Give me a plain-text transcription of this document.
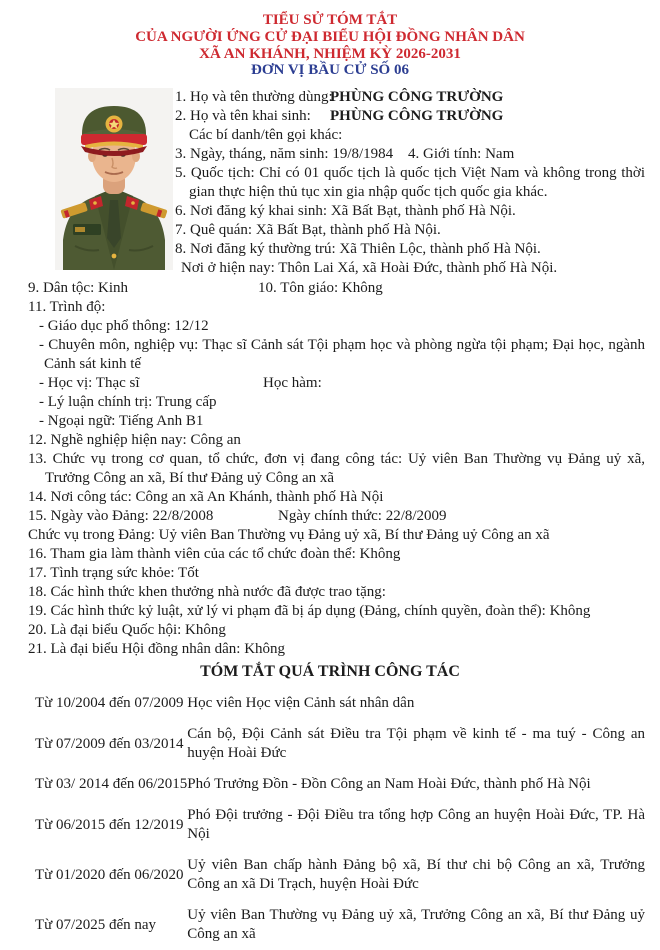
TIỂU SỬ TÓM TẮT
CỦA NGƯỜI ỨNG CỬ ĐẠI BIỂU HỘI ĐỒNG NHÂN DÂN
XÃ AN KHÁNH, NHIỆM KỲ 2026-2031
ĐƠN VỊ BẦU CỬ SỐ 06
1. Họ và tên thường dùng:PHÙNG CÔNG TRƯỜNG
2. Họ và tên khai sinh: PHÙNG CÔNG TRƯỜNG
Các bí danh/tên gọi khác:
3. Ngày, tháng, năm sinh: 19/8/1984 4. Giới tính: Nam
5. Quốc tịch: Chỉ có 01 quốc tịch là quốc tịch Việt Nam và không trong thời gian thực hiện thủ tục xin gia nhập quốc tịch quốc gia khác.
6. Nơi đăng ký khai sinh: Xã Bất Bạt, thành phố Hà Nội.
7. Quê quán: Xã Bất Bạt, thành phố Hà Nội.
8. Nơi đăng ký thường trú: Xã Thiên Lộc, thành phố Hà Nội.
Nơi ở hiện nay: Thôn Lai Xá, xã Hoài Đức, thành phố Hà Nội.
9. Dân tộc: Kinh	10. Tôn giáo: Không
11. Trình độ:
- Giáo dục phổ thông: 12/12
- Chuyên môn, nghiệp vụ: Thạc sĩ Cảnh sát Tội phạm học và phòng ngừa tội phạm; Đại học, ngành Cảnh sát kinh tế
- Học vị: Thạc sĩ	Học hàm:
- Lý luận chính trị: Trung cấp
- Ngoại ngữ: Tiếng Anh B1
12. Nghề nghiệp hiện nay: Công an
13. Chức vụ trong cơ quan, tổ chức, đơn vị đang công tác: Uỷ viên Ban Thường vụ Đảng uỷ xã, Trưởng Công an xã, Bí thư Đảng uỷ Công an xã
14. Nơi công tác: Công an xã An Khánh, thành phố Hà Nội
15. Ngày vào Đảng: 22/8/2008	Ngày chính thức: 22/8/2009
Chức vụ trong Đảng: Uỷ viên Ban Thường vụ Đảng uỷ xã, Bí thư Đảng uỷ Công an xã
16. Tham gia làm thành viên của các tổ chức đoàn thể: Không
17. Tình trạng sức khỏe: Tốt
18. Các hình thức khen thưởng nhà nước đã được trao tặng:
19. Các hình thức kỷ luật, xử lý vi phạm đã bị áp dụng (Đảng, chính quyền, đoàn thể): Không
20. Là đại biểu Quốc hội: Không
21. Là đại biểu Hội đồng nhân dân: Không
TÓM TẮT QUÁ TRÌNH CÔNG TÁC
Từ 10/2004 đến 07/2009	Học viên Học viện Cảnh sát nhân dân
Từ 07/2009 đến 03/2014	Cán bộ, Đội Cảnh sát Điều tra Tội phạm về kinh tế - ma tuý - Công an huyện Hoài Đức
Từ 03/ 2014 đến 06/2015	Phó Trưởng Đồn - Đồn Công an Nam Hoài Đức, thành phố Hà Nội
Từ 06/2015 đến 12/2019	Phó Đội trưởng - Đội Điều tra tổng hợp Công an huyện Hoài Đức, TP. Hà Nội
Từ 01/2020 đến 06/2020	Uỷ viên Ban chấp hành Đảng bộ xã, Bí thư chi bộ Công an xã, Trưởng Công an xã Di Trạch, huyện Hoài Đức
Từ 07/2025 đến nay	Uỷ viên Ban Thường vụ Đảng uỷ xã, Trưởng Công an xã, Bí thư Đảng uỷ Công an xã
